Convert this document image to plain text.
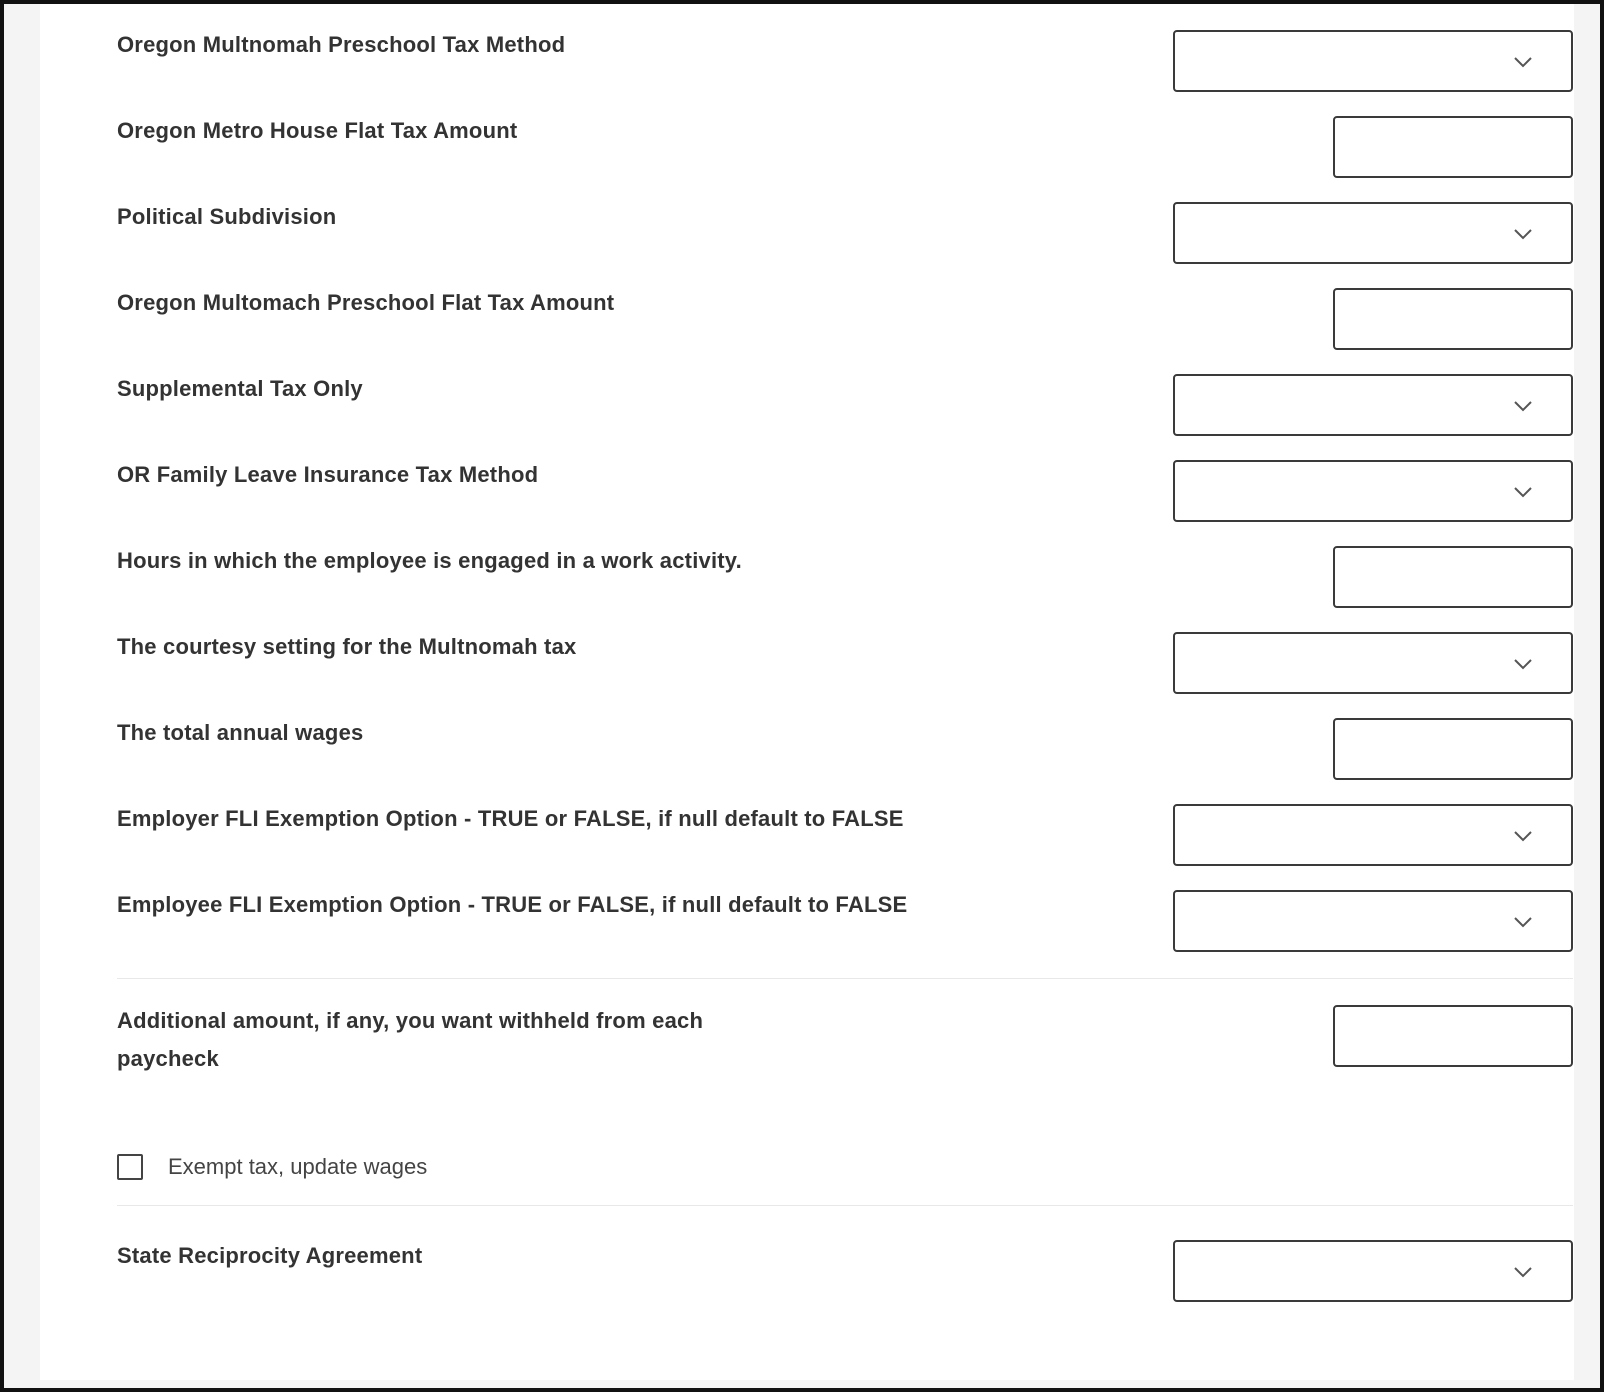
Oregon Multnomah Preschool Tax Method
Oregon Metro House Flat Tax Amount
Political Subdivision
Oregon Multomach Preschool Flat Tax Amount
Supplemental Tax Only
OR Family Leave Insurance Tax Method
Hours in which the employee is engaged in a work activity.
The courtesy setting for the Multnomah tax
The total annual wages
Employer FLI Exemption Option - TRUE or FALSE, if null default to FALSE
Employee FLI Exemption Option - TRUE or FALSE, if null default to FALSE
Additional amount, if any, you want withheld from each paycheck
Exempt tax, update wages
State Reciprocity Agreement
